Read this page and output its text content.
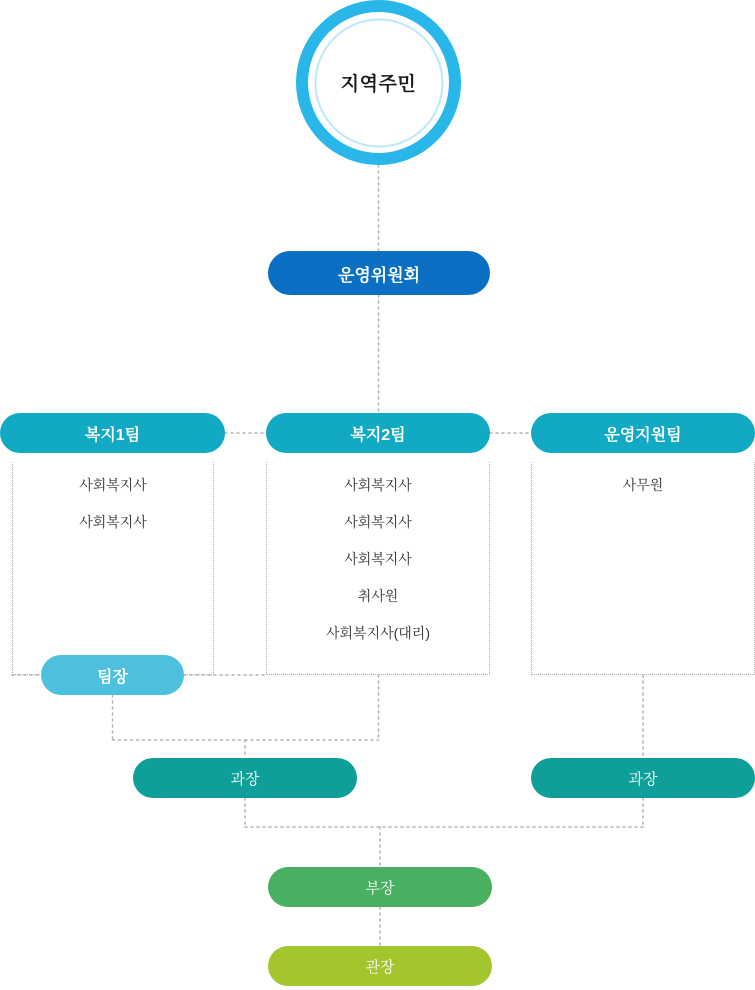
지역주민
운영위원회
복지1팀	복지2팀	운영지원팀
사회복지사
사회복지사
사회복지사
사회복지사
사회복지사
취사원
사회복지사(대리)
사무원
팀장
과장	과장
부장
관장
